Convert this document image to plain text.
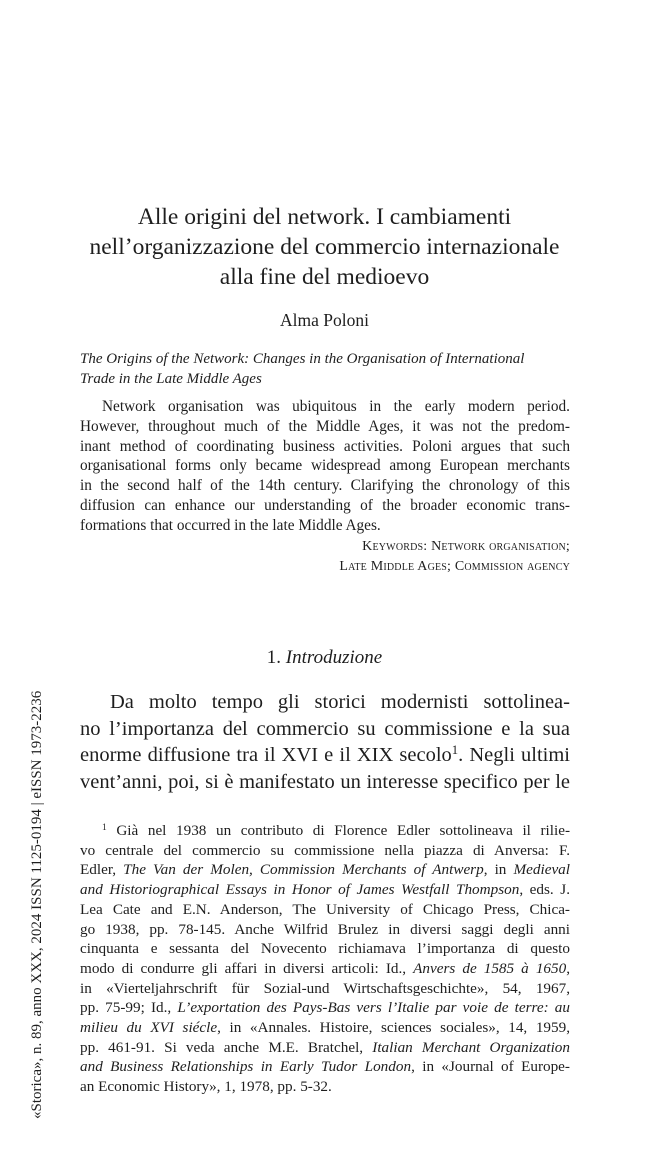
«Storica», n. 89, anno XXX, 2024 ISSN 1125-0194 | eISSN 1973-2236
Alle origini del network. I cambiamenti
nell’organizzazione del commercio internazionale
alla fine del medioevo
Alma Poloni
The Origins of the Network: Changes in the Organisation of International
Trade in the Late Middle Ages

Network organisation was ubiquitous in the early modern period.
However, throughout much of the Middle Ages, it was not the predom-
inant method of coordinating business activities. Poloni argues that such
organisational forms only became widespread among European merchants
in the second half of the 14th century. Clarifying the chronology of this
diffusion can enhance our understanding of the broader economic trans-
formations that occurred in the late Middle Ages.

Keywords: Network organisation;
Late Middle Ages; Commission agency
1. Introduzione

Da molto tempo gli storici modernisti sottolinea-
no l’importanza del commercio su commissione e la sua
enorme diffusione tra il XVI e il XIX secolo$^1$. Negli ultimi
vent’anni, poi, si è manifestato un interesse specifico per le

$^1$ Già nel 1938 un contributo di Florence Edler sottolineava il rilie-
vo centrale del commercio su commissione nella piazza di Anversa: F.
Edler, The Van der Molen, Commission Merchants of Antwerp, in Medieval
and Historiographical Essays in Honor of James Westfall Thompson, eds. J.
Lea Cate and E.N. Anderson, The University of Chicago Press, Chica-
go 1938, pp. 78-145. Anche Wilfrid Brulez in diversi saggi degli anni
cinquanta e sessanta del Novecento richiamava l’importanza di questo
modo di condurre gli affari in diversi articoli: Id., Anvers de 1585 à 1650,
in «Vierteljahrschrift für Sozial-und Wirtschaftsgeschichte», 54, 1967,
pp. 75-99; Id., L’exportation des Pays-Bas vers l’Italie par voie de terre: au
milieu du XVI siécle, in «Annales. Histoire, sciences sociales», 14, 1959,
pp. 461-91. Si veda anche M.E. Bratchel, Italian Merchant Organization
and Business Relationships in Early Tudor London, in «Journal of Europe-
an Economic History», 1, 1978, pp. 5-32.
